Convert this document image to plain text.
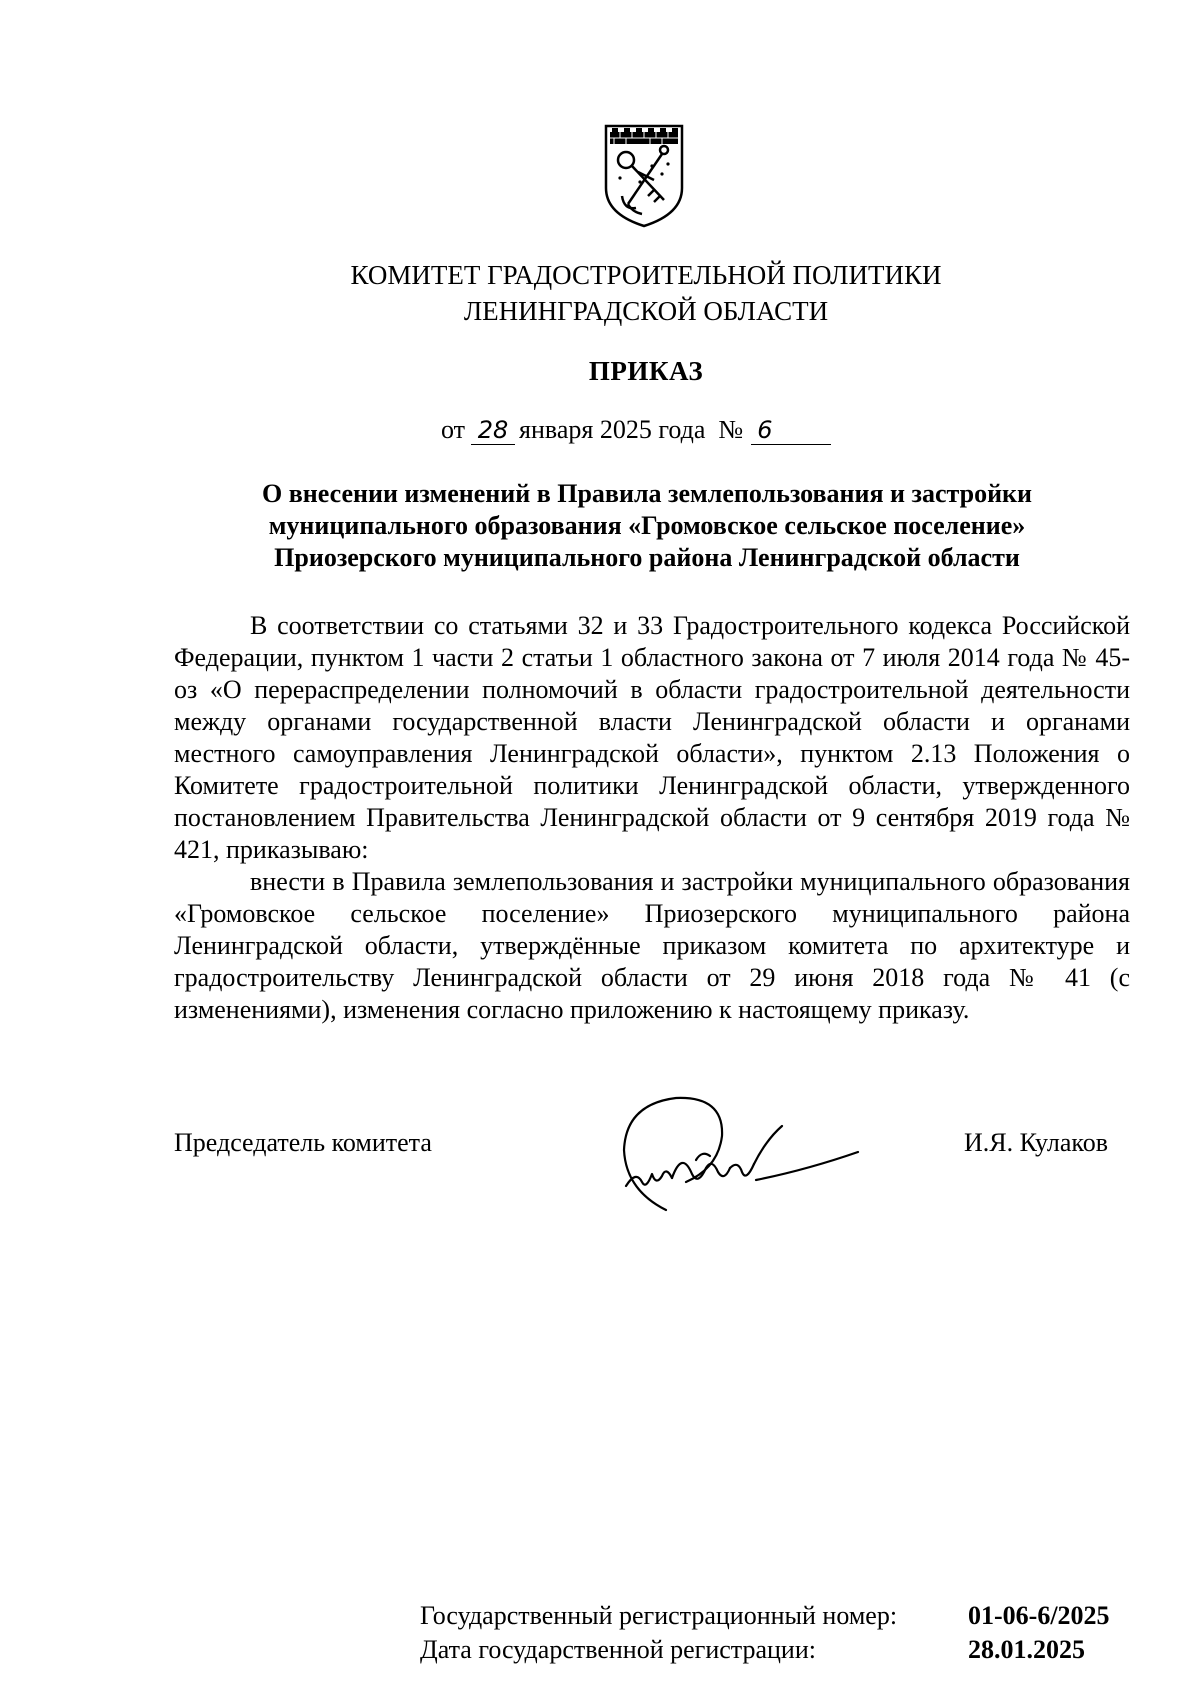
КОМИТЕТ ГРАДОСТРОИТЕЛЬНОЙ ПОЛИТИКИ
ЛЕНИНГРАДСКОЙ ОБЛАСТИ
ПРИКАЗ
от 28 января 2025 года № 6
О внесении изменений в Правила землепользования и застройки
муниципального образования «Громовское сельское поселение»
Приозерского муниципального района Ленинградской области

В соответствии со статьями 32 и 33 Градостроительного кодекса Российской Федерации, пунктом 1 части 2 статьи 1 областного закона от 7 июля 2014 года № 45-оз «О перераспределении полномочий в области градостроительной деятельности между органами государственной власти Ленинградской области и органами местного самоуправления Ленинградской области», пунктом 2.13 Положения о Комитете градостроительной политики Ленинградской области, утвержденного постановлением Правительства Ленинградской области от 9 сентября 2019 года № 421, приказываю:

внести в Правила землепользования и застройки муниципального образования «Громовское сельское поселение» Приозерского муниципального района Ленинградской области, утверждённые приказом комитета по архитектуре и градостроительству Ленинградской области от 29 июня 2018 года № 41 (с изменениями), изменения согласно приложению к настоящему приказу.

Председатель комитета	И.Я. Кулаков
Государственный регистрационный номер:	01-06-6/2025
Дата государственной регистрации:	28.01.2025
